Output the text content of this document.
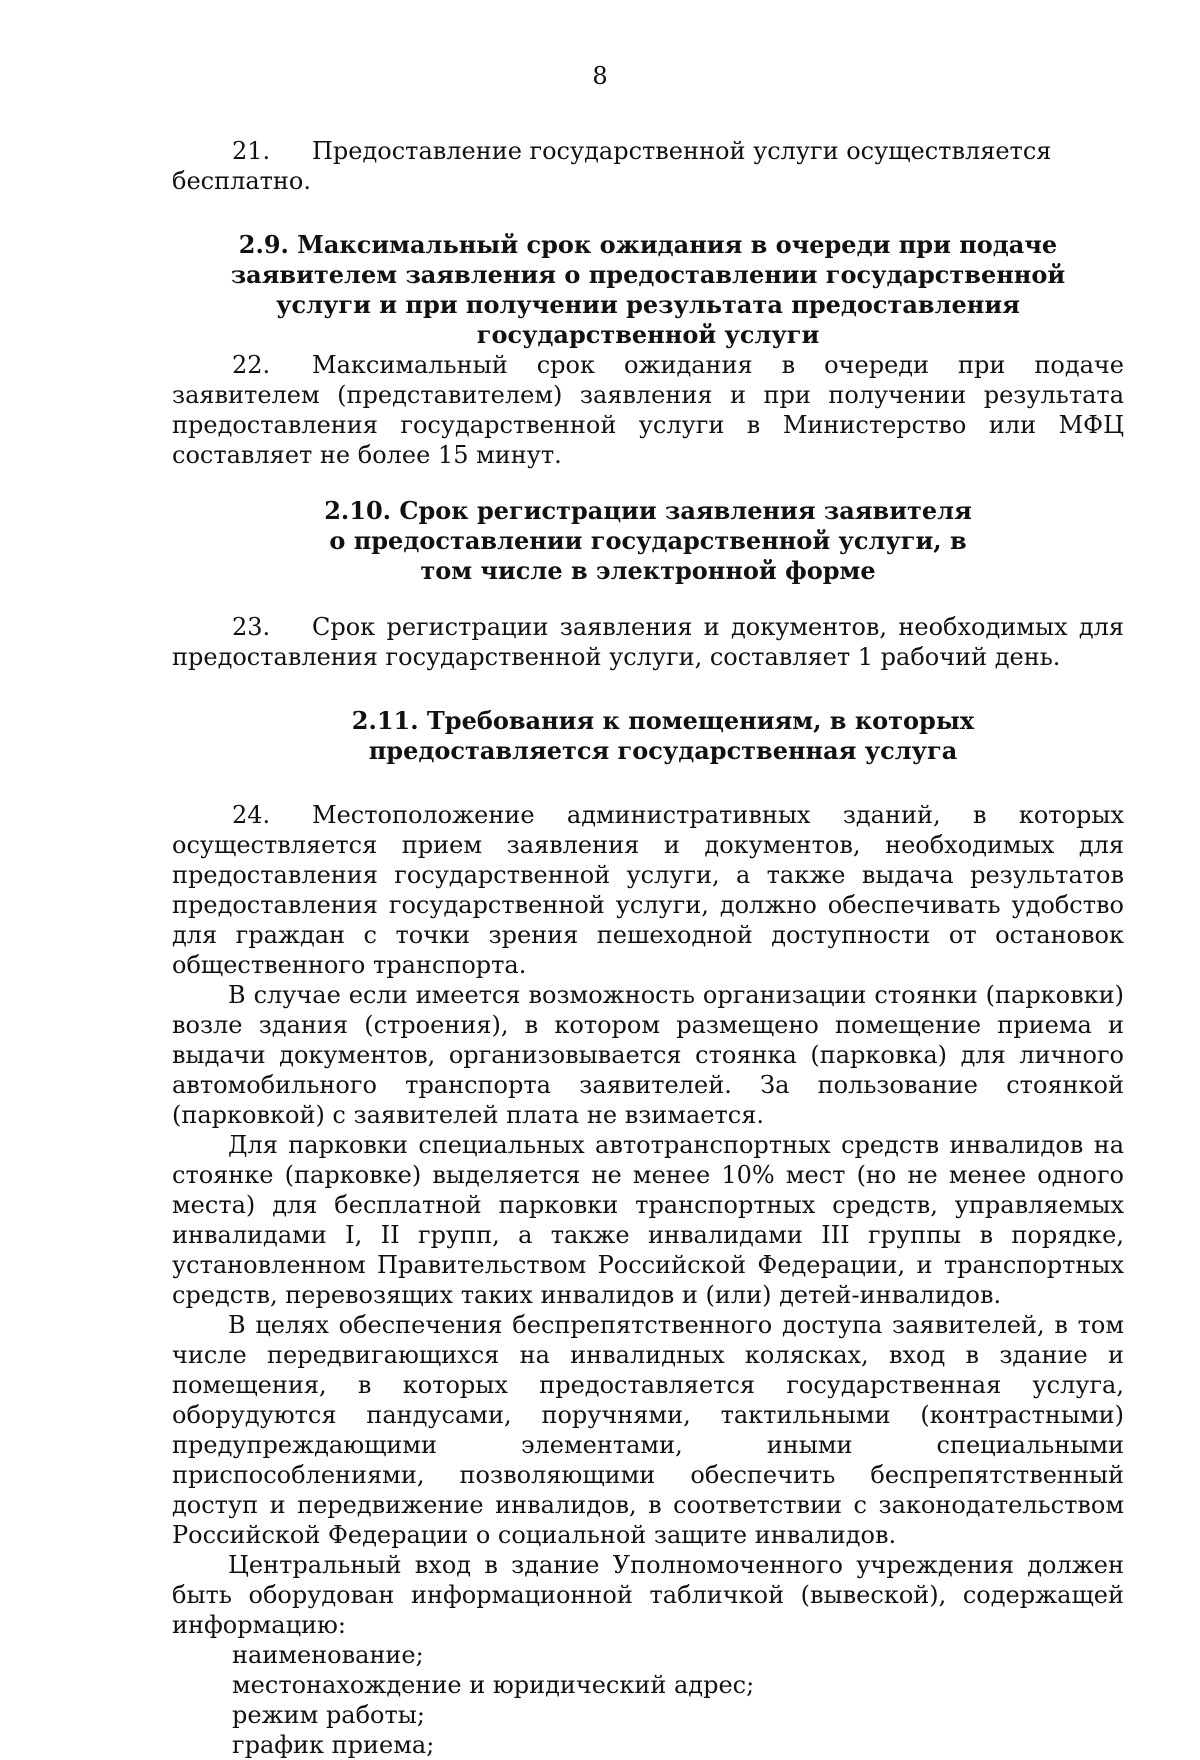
8

21. Предоставление государственной услуги осуществляется бесплатно.

2.9. Максимальный срок ожидания в очереди при подаче заявителем заявления о предоставлении государственной услуги и при получении результата предоставления государственной услуги

22. Максимальный срок ожидания в очереди при подаче заявителем (представителем) заявления и при получении результата предоставления государственной услуги в Министерство или МФЦ составляет не более 15 минут.

2.10. Срок регистрации заявления заявителя о предоставлении государственной услуги, в том числе в электронной форме

23. Срок регистрации заявления и документов, необходимых для предоставления государственной услуги, составляет 1 рабочий день.

2.11. Требования к помещениям, в которых предоставляется государственная услуга

24. Местоположение административных зданий, в которых осуществляется прием заявления и документов, необходимых для предоставления государственной услуги, а также выдача результатов предоставления государственной услуги, должно обеспечивать удобство для граждан с точки зрения пешеходной доступности от остановок общественного транспорта.

В случае если имеется возможность организации стоянки (парковки) возле здания (строения), в котором размещено помещение приема и выдачи документов, организовывается стоянка (парковка) для личного автомобильного транспорта заявителей. За пользование стоянкой (парковкой) с заявителей плата не взимается.

Для парковки специальных автотранспортных средств инвалидов на стоянке (парковке) выделяется не менее 10% мест (но не менее одного места) для бесплатной парковки транспортных средств, управляемых инвалидами I, II групп, а также инвалидами III группы в порядке, установленном Правительством Российской Федерации, и транспортных средств, перевозящих таких инвалидов и (или) детей-инвалидов.

В целях обеспечения беспрепятственного доступа заявителей, в том числе передвигающихся на инвалидных колясках, вход в здание и помещения, в которых предоставляется государственная услуга, оборудуются пандусами, поручнями, тактильными (контрастными) предупреждающими элементами, иными специальными приспособлениями, позволяющими обеспечить беспрепятственный доступ и передвижение инвалидов, в соответствии с законодательством Российской Федерации о социальной защите инвалидов.

Центральный вход в здание Уполномоченного учреждения должен быть оборудован информационной табличкой (вывеской), содержащей информацию:

наименование;

местонахождение и юридический адрес;

режим работы;

график приема;
